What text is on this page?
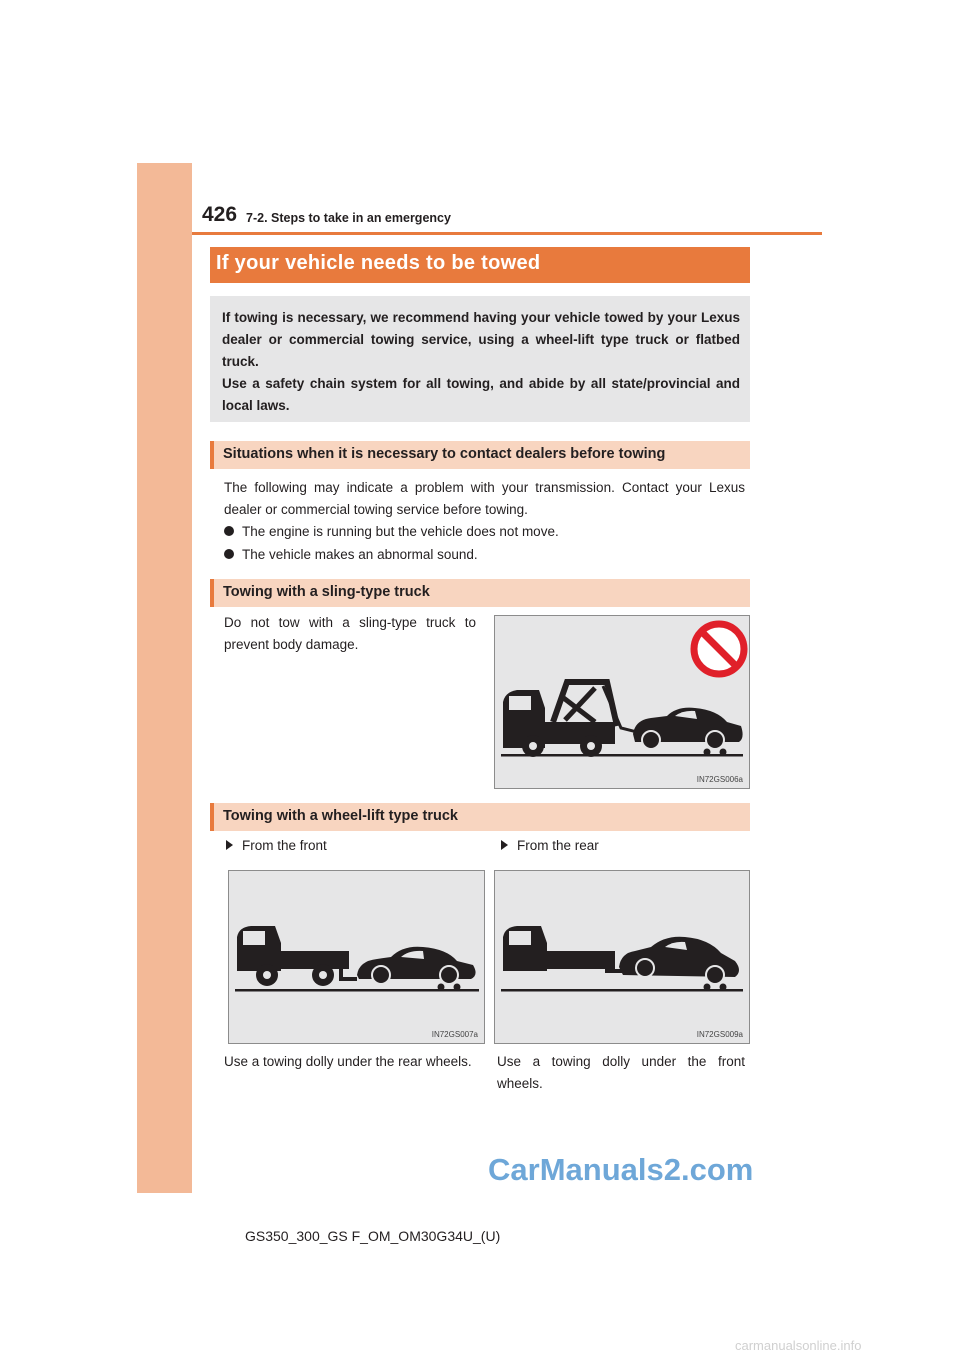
426 7-2. Steps to take in an emergency
If your vehicle needs to be towed

If towing is necessary, we recommend having your vehicle towed by your Lexus dealer or commercial towing service, using a wheel-lift type truck or flatbed truck.
Use a safety chain system for all towing, and abide by all state/provincial and local laws.

Situations when it is necessary to contact dealers before towing

The following may indicate a problem with your transmission. Contact your Lexus dealer or commercial towing service before towing.

The engine is running but the vehicle does not move.
The vehicle makes an abnormal sound.
Towing with a sling-type truck

Do not tow with a sling-type truck to prevent body damage.

IN72GS006a
Towing with a wheel-lift type truck
From the front	From the rear
IN72GS007a	IN72GS009a

Use a towing dolly under the rear wheels.	Use a towing dolly under the front wheels.

CarManuals2.com
GS350_300_GS F_OM_OM30G34U_(U)
carmanualsonline.info
